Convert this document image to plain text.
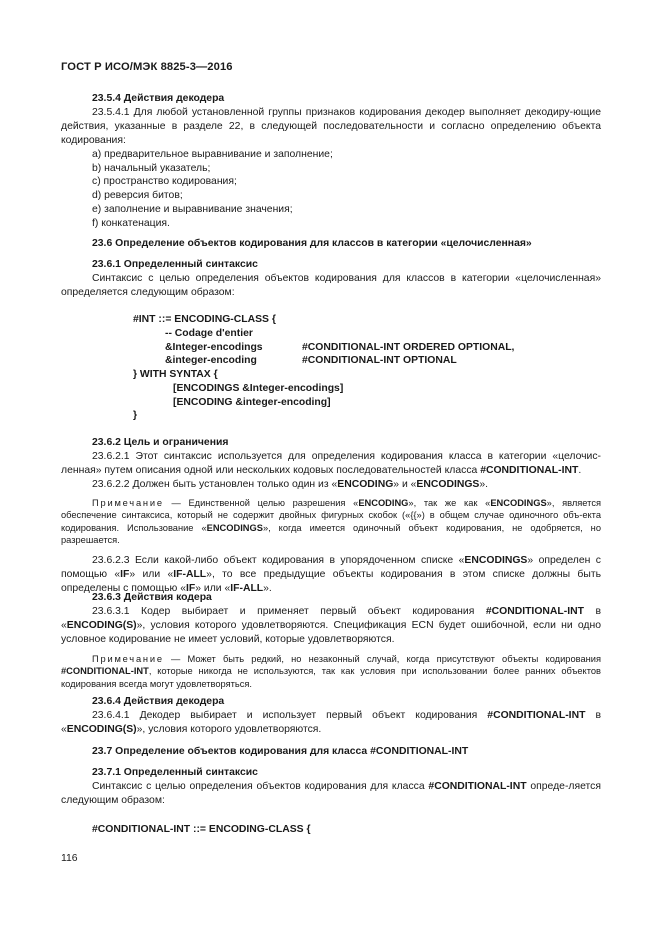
ГОСТ Р ИСО/МЭК 8825-3—2016

23.5.4 Действия декодера

23.5.4.1 Для любой установленной группы признаков кодирования декодер выполняет декодиру-ющие действия, указанные в разделе 22, в следующей последовательности и согласно определению объекта кодирования:

a) предварительное выравнивание и заполнение;

b) начальный указатель;

c) пространство кодирования;

d) реверсия битов;

e) заполнение и выравнивание значения;

f) конкатенация.

23.6 Определение объектов кодирования для классов в категории «целочисленная»

23.6.1 Определенный синтаксис

Синтаксис с целью определения объектов кодирования для классов в категории «целочисленная» определяется следующим образом:

#INT ::= ENCODING-CLASS {
-- Codage d'entier
&Integer-encodings	#CONDITIONAL-INT ORDERED OPTIONAL,
&integer-encoding	#CONDITIONAL-INT OPTIONAL
} WITH SYNTAX {
[ENCODINGS &Integer-encodings]
[ENCODING &integer-encoding]
}

23.6.2 Цель и ограничения

23.6.2.1 Этот синтаксис используется для определения кодирования класса в категории «целочис-ленная» путем описания одной или нескольких кодовых последовательностей класса #CONDITIONAL-INT.

23.6.2.2 Должен быть установлен только один из «ENCODING» и «ENCODINGS».

Примечание — Единственной целью разрешения «ENCODING», так же как «ENCODINGS», является обеспечение синтаксиса, который не содержит двойных фигурных скобок («{{») в общем случае одиночного объ-екта кодирования. Использование «ENCODINGS», когда имеется одиночный объект кодирования, не одобряется, но разрешается.

23.6.2.3 Если какой-либо объект кодирования в упорядоченном списке «ENCODINGS» определен с помощью «IF» или «IF-ALL», то все предыдущие объекты кодирования в этом списке должны быть определены с помощью «IF» или «IF-ALL».

23.6.3 Действия кодера

23.6.3.1 Кодер выбирает и применяет первый объект кодирования #CONDITIONAL-INT в «ENCODING(S)», условия которого удовлетворяются. Спецификация ECN будет ошибочной, если ни одно условное кодирование не имеет условий, которые удовлетворяются.

Примечание — Может быть редкий, но незаконный случай, когда присутствуют объекты кодирования #CONDITIONAL-INT, которые никогда не используются, так как условия при использовании более ранних объектов кодирования всегда могут удовлетворяться.

23.6.4 Действия декодера

23.6.4.1 Декодер выбирает и использует первый объект кодирования #CONDITIONAL-INT в «ENCODING(S)», условия которого удовлетворяются.

23.7 Определение объектов кодирования для класса #CONDITIONAL-INT

23.7.1 Определенный синтаксис

Синтаксис с целью определения объектов кодирования для класса #CONDITIONAL-INT опреде-ляется следующим образом:

#CONDITIONAL-INT ::= ENCODING-CLASS {
116
